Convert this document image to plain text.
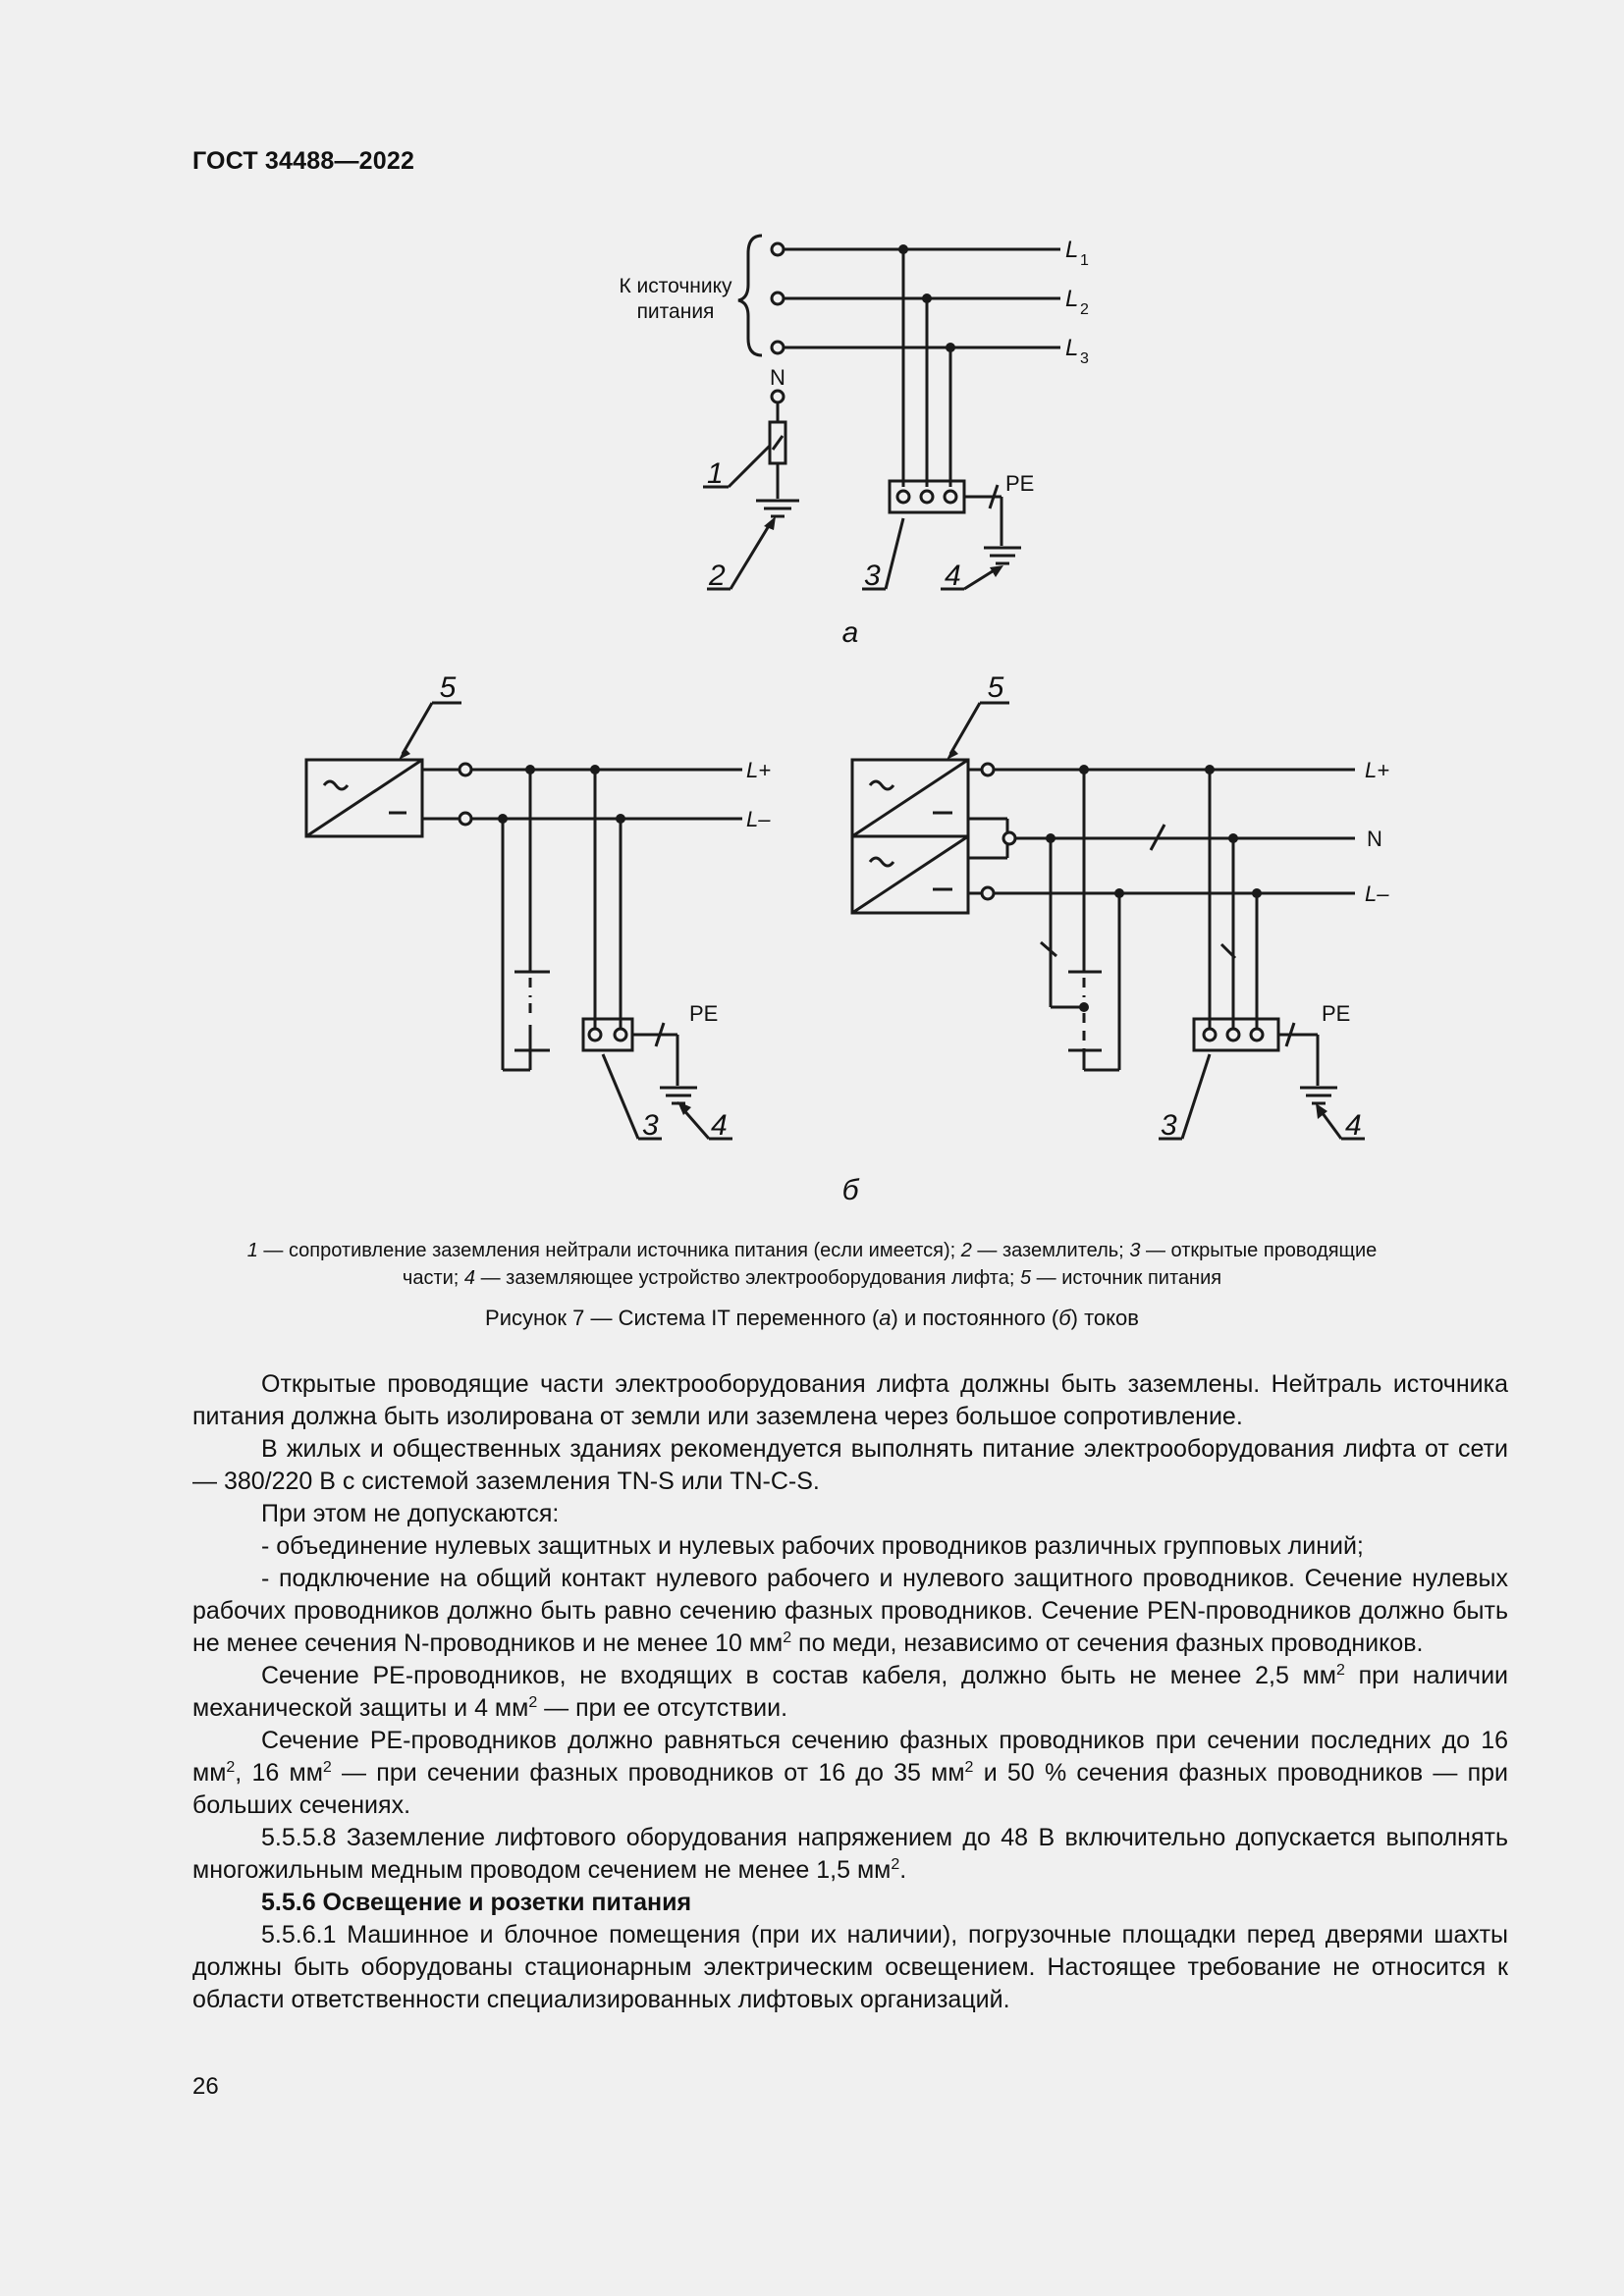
ГОСТ 34488—2022
К источнику
питания
L 1
L 2
L 3
PE
N
1
2	3 4
а
5
L+
L–
PE
3 4
5
L+
N
L–
PE
3	4
б
1 — сопротивление заземления нейтрали источника питания (если имеется); 2 — заземлитель; 3 — открытые проводящие части; 4 — заземляющее устройство электрооборудования лифта; 5 — источник питания
Рисунок 7 — Система IT переменного (а) и постоянного (б) токов

Открытые проводящие части электрооборудования лифта должны быть заземлены. Нейтраль источника питания должна быть изолирована от земли или заземлена через большое сопротивление.

В жилых и общественных зданиях рекомендуется выполнять питание электрооборудования лифта от сети — 380/220 В с системой заземления TN-S или TN-C-S.

При этом не допускаются:

- объединение нулевых защитных и нулевых рабочих проводников различных групповых линий;

- подключение на общий контакт нулевого рабочего и нулевого защитного проводников. Сечение нулевых рабочих проводников должно быть равно сечению фазных проводников. Сечение PEN-проводников должно быть не менее сечения N-проводников и не менее 10 $мм^2$ по меди, независимо от сечения фазных проводников.

Сечение PE-проводников, не входящих в состав кабеля, должно быть не менее 2,5 $мм^2$ при наличии механической защиты и 4 $мм^2$ — при ее отсутствии.

Сечение PE-проводников должно равняться сечению фазных проводников при сечении последних до 16 $мм^2$, 16 $мм^2$ — при сечении фазных проводников от 16 до 35 $мм^2$ и 50 % сечения фазных проводников — при больших сечениях.

5.5.5.8 Заземление лифтового оборудования напряжением до 48 В включительно допускается выполнять многожильным медным проводом сечением не менее 1,5 $мм^2$.

5.5.6 Освещение и розетки питания

5.5.6.1 Машинное и блочное помещения (при их наличии), погрузочные площадки перед дверями шахты должны быть оборудованы стационарным электрическим освещением. Настоящее требование не относится к области ответственности специализированных лифтовых организаций.

26
